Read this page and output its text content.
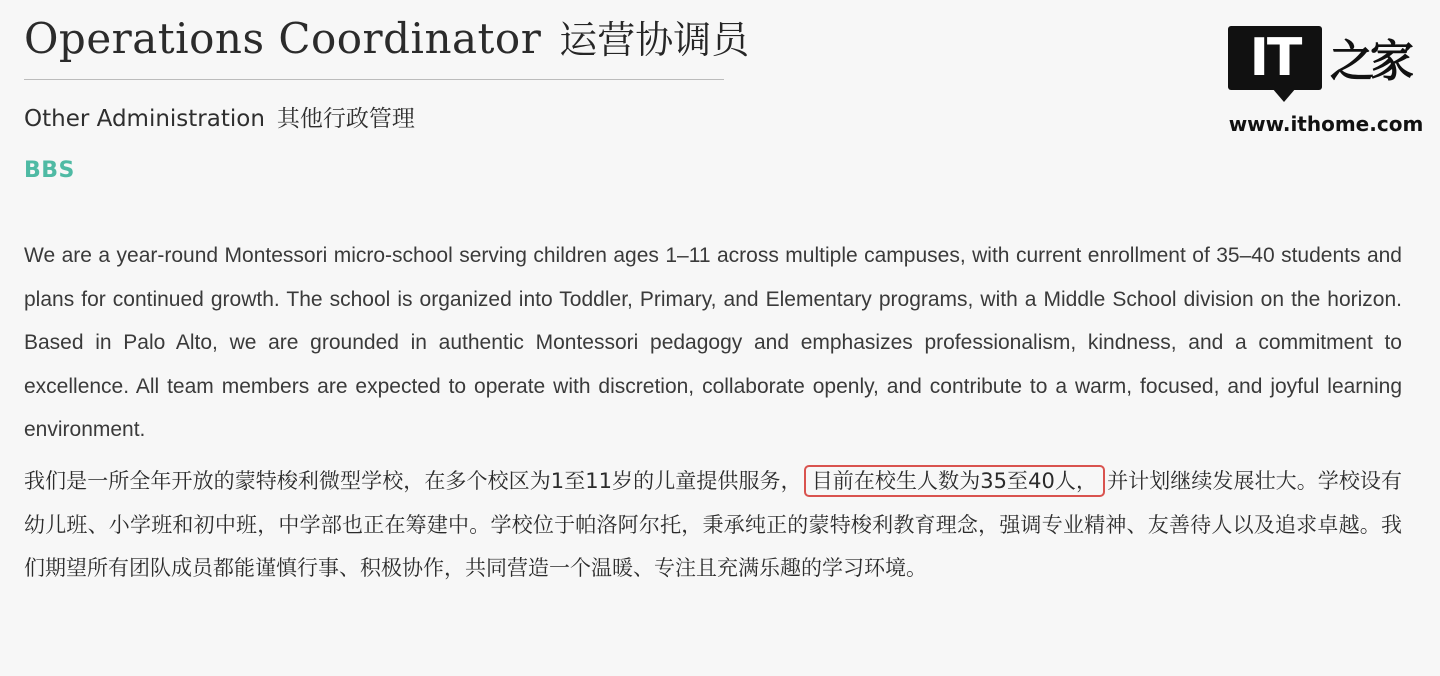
Operations Coordinator 运营协调员
Other Administration 其他行政管理
BBS
IT 之家
www.ithome.com

We are a year-round Montessori micro-school serving children ages 1–11 across multiple campuses, with current enrollment of 35–40 students and plans for continued growth. The school is organized into Toddler, Primary, and Elementary programs, with a Middle School division on the horizon. Based in Palo Alto, we are grounded in authentic Montessori pedagogy and emphasizes professionalism, kindness, and a commitment to excellence. All team members are expected to operate with discretion, collaborate openly, and contribute to a warm, focused, and joyful learning environment.

我们是一所全年开放的蒙特梭利微型学校，在多个校区为1至11岁的儿童提供服务， 目前在校生人数为35至40人， 并计划继续发展壮大。学校设有幼儿班、小学班和初中班，中学部也正在筹建中。学校位于帕洛阿尔托，秉承纯正的蒙特梭利教育理念，强调专业精神、友善待人以及追求卓越。我们期望所有团队成员都能谨慎行事、积极协作，共同营造一个温暖、专注且充满乐趣的学习环境。
